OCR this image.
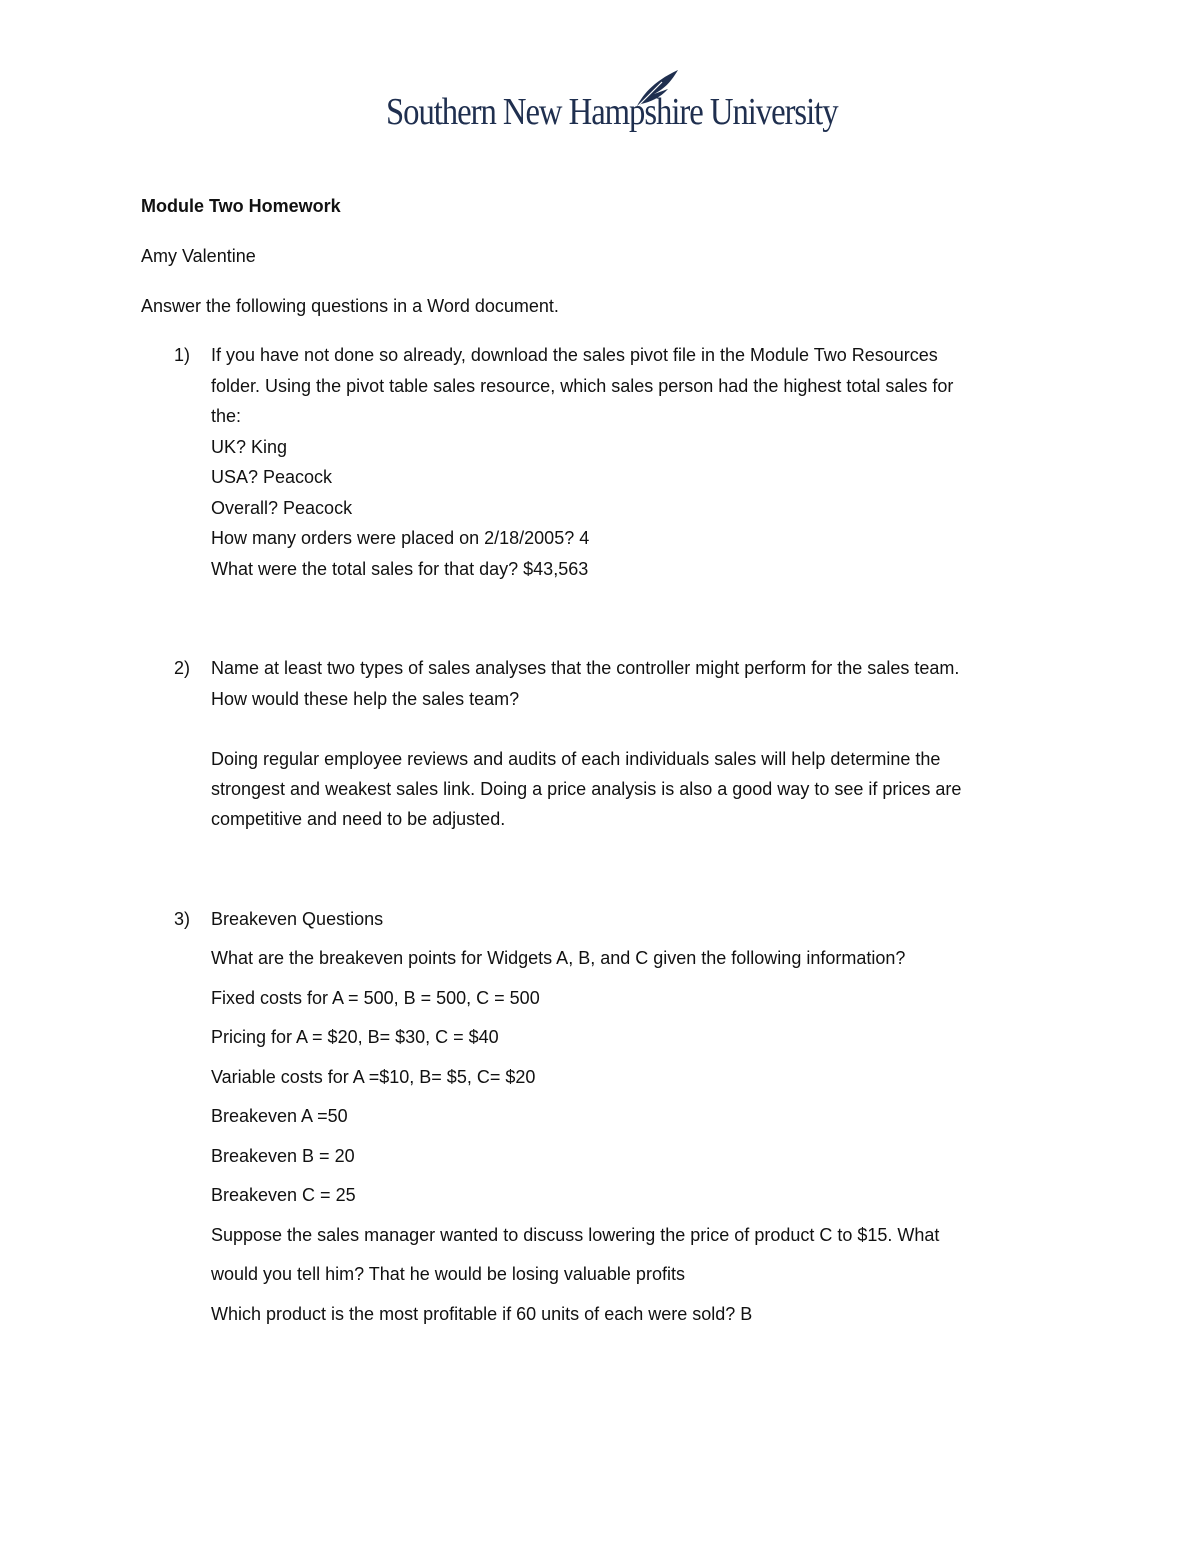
Southern New Hampshire University
Module Two Homework
Amy Valentine
Answer the following questions in a Word document.
1) If you have not done so already, download the sales pivot file in the Module Two Resources
folder. Using the pivot table sales resource, which sales person had the highest total sales for
the:
UK? King
USA? Peacock
Overall? Peacock
How many orders were placed on 2/18/2005? 4
What were the total sales for that day? $43,563
2) Name at least two types of sales analyses that the controller might perform for the sales team.
How would these help the sales team?
Doing regular employee reviews and audits of each individuals sales will help determine the
strongest and weakest sales link. Doing a price analysis is also a good way to see if prices are
competitive and need to be adjusted.
3) Breakeven Questions
What are the breakeven points for Widgets A, B, and C given the following information?
Fixed costs for A = 500, B = 500, C = 500
Pricing for A = $20, B= $30, C = $40
Variable costs for A =$10, B= $5, C= $20
Breakeven A =50
Breakeven B = 20
Breakeven C = 25
Suppose the sales manager wanted to discuss lowering the price of product C to $15. What
would you tell him? That he would be losing valuable profits
Which product is the most profitable if 60 units of each were sold? B
